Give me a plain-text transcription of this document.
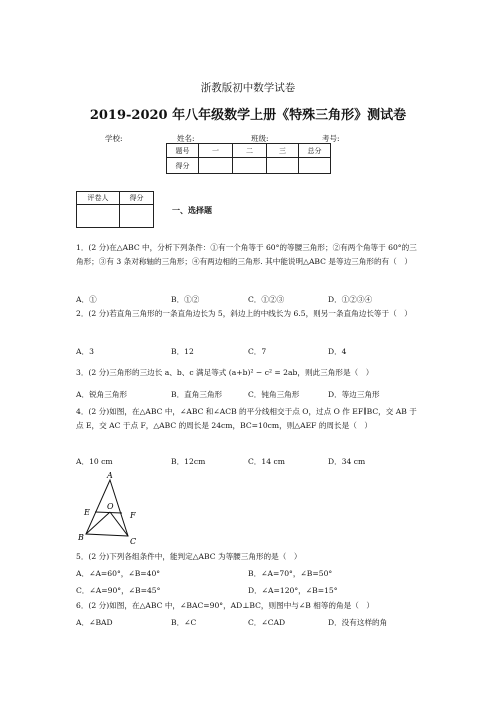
浙教版初中数学试卷
2019-2020 年八年级数学上册《特殊三角形》测试卷
学校:	姓名:	班级:	考号:
题号	一	二	三	总分
得分				
评卷人	得分

一、选择题
1．(2 分)在△ABC 中，分析下列条件：①有一个角等于 60°的等腰三角形；②有两个角等于 60°的三角形；③有 3 条对称轴的三角形；④有两边相的三角形. 其中能说明△ABC 是等边三角形的有（　）
A．①	B．①②	C．①②③	D．①②③④
2．(2 分)若直角三角形的一条直角边长为 5，斜边上的中线长为 6.5，则另一条直角边长等于（　）
A．3	B．12	C．7	D．4
3．(2 分)三角形的三边长 a、b、c 满足等式 (a+b)² − c² = 2ab，则此三角形是（　）
A．锐角三角形	B．直角三角形	C．钝角三角形	D．等边三角形
4．(2 分)如图，在△ABC 中，∠ABC 和∠ACB 的平分线相交于点 O，过点 O 作 EF∥BC，交 AB 于点 E，交 AC 于点 F，△ABC 的周长是 24cm，BC=10cm，则△AEF 的周长是（　）
A．10 cm	B．12cm	C．14 cm	D．34 cm
A
E
O
F
B	C
5．(2 分)下列各组条件中，能判定△ABC 为等腰三角形的是（　）
A．∠A=60°，∠B=40°	B．∠A=70°，∠B=50°
C．∠A=90°，∠B=45°	D．∠A=120°，∠B=15°
6．(2 分)如图，在△ABC 中，∠BAC=90°，AD⊥BC，则图中与∠B 相等的角是（　）
A．∠BAD	B．∠C	C．∠CAD	D．没有这样的角
